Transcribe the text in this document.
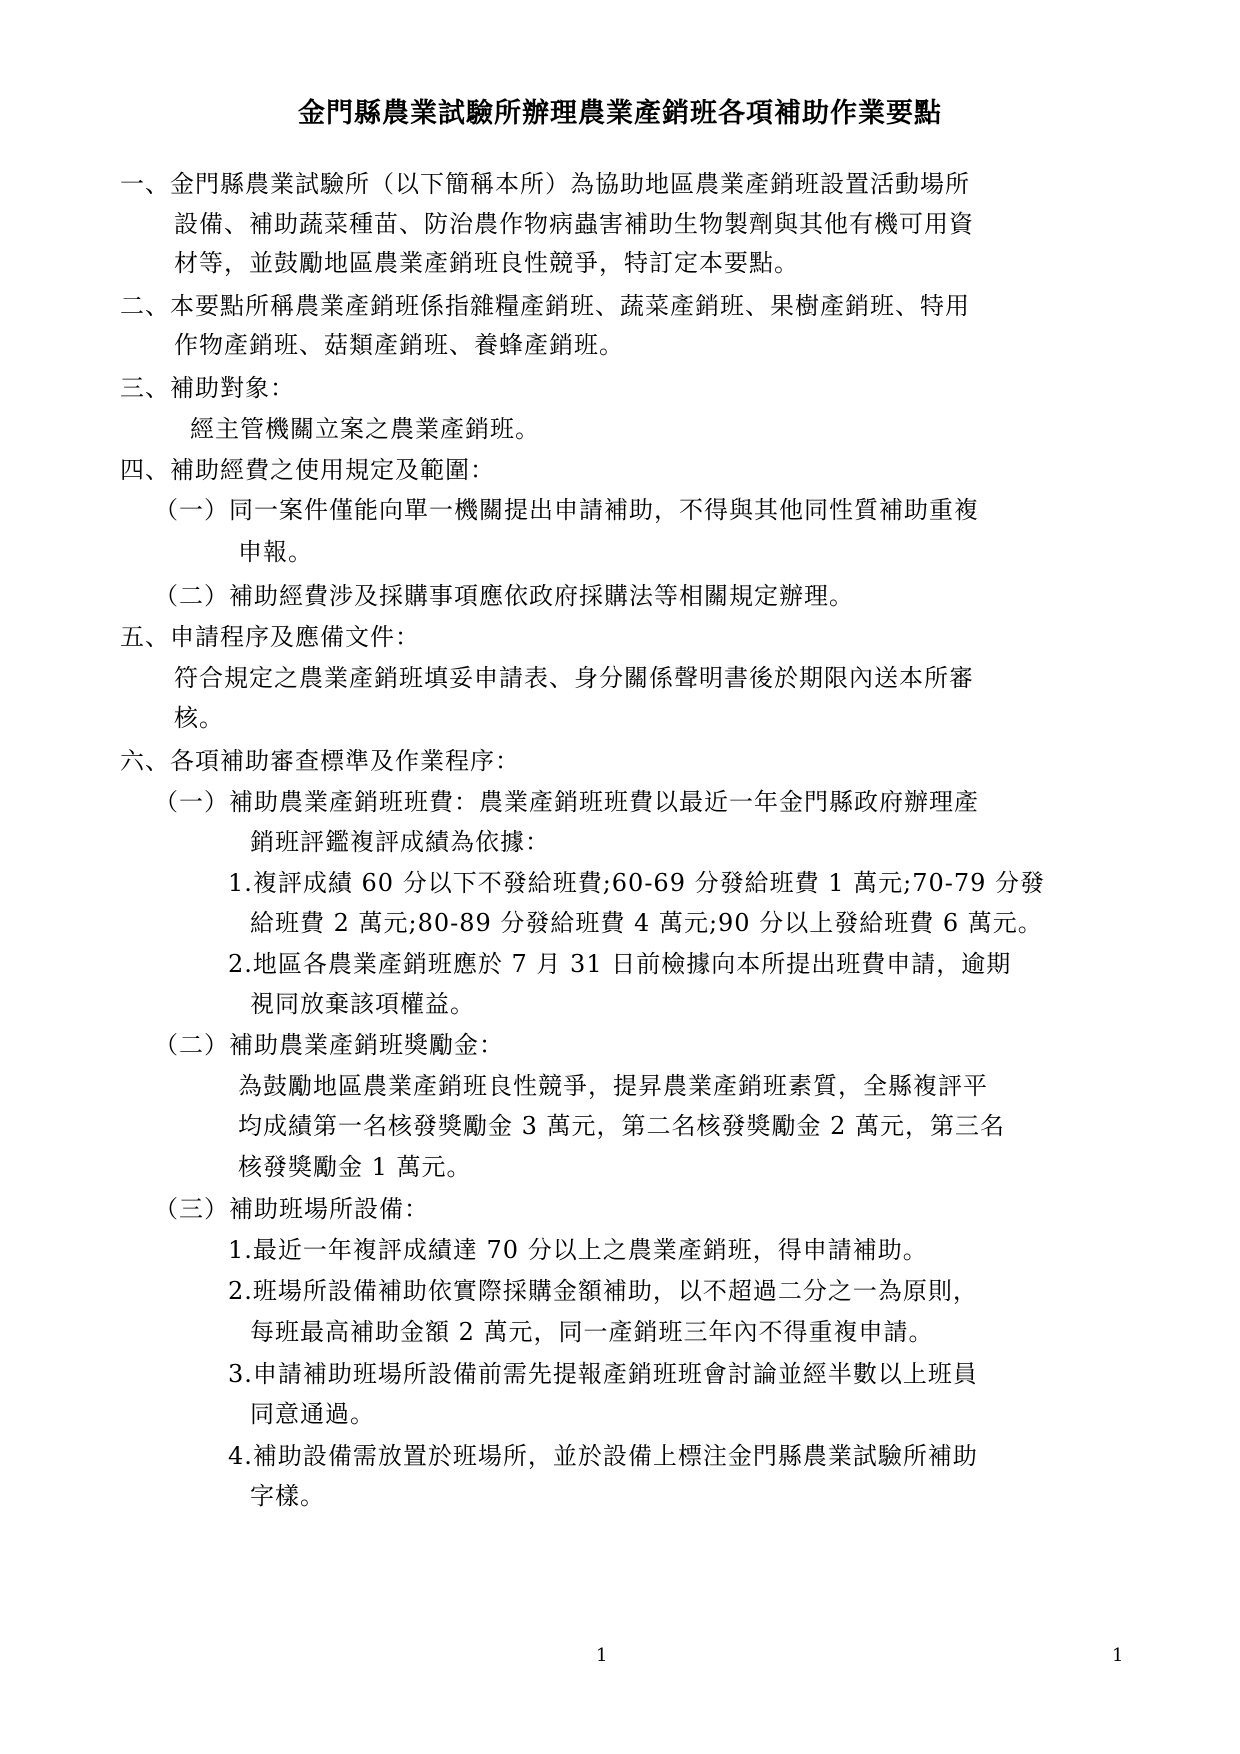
金門縣農業試驗所辦理農業產銷班各項補助作業要點
一、金門縣農業試驗所（以下簡稱本所）為協助地區農業產銷班設置活動場所
設備、補助蔬菜種苗、防治農作物病蟲害補助生物製劑與其他有機可用資
材等，並鼓勵地區農業產銷班良性競爭，特訂定本要點。
二、本要點所稱農業產銷班係指雜糧產銷班、蔬菜產銷班、果樹產銷班、特用
作物產銷班、菇類產銷班、養蜂產銷班。
三、補助對象：
經主管機關立案之農業產銷班。
四、補助經費之使用規定及範圍：
（一）同一案件僅能向單一機關提出申請補助，不得與其他同性質補助重複
申報。
（二）補助經費涉及採購事項應依政府採購法等相關規定辦理。
五、申請程序及應備文件：
符合規定之農業產銷班填妥申請表、身分關係聲明書後於期限內送本所審
核。
六、各項補助審查標準及作業程序：
（一）補助農業產銷班班費：農業產銷班班費以最近一年金門縣政府辦理產
銷班評鑑複評成績為依據：
1.複評成績 60 分以下不發給班費;60-69 分發給班費 1 萬元;70-79 分發
給班費 2 萬元;80-89 分發給班費 4 萬元;90 分以上發給班費 6 萬元。
2.地區各農業產銷班應於 7 月 31 日前檢據向本所提出班費申請，逾期
視同放棄該項權益。
（二）補助農業產銷班獎勵金：
為鼓勵地區農業產銷班良性競爭，提昇農業產銷班素質，全縣複評平
均成績第一名核發獎勵金 3 萬元，第二名核發獎勵金 2 萬元，第三名
核發獎勵金 1 萬元。
（三）補助班場所設備：
1.最近一年複評成績達 70 分以上之農業產銷班，得申請補助。
2.班場所設備補助依實際採購金額補助，以不超過二分之一為原則，
每班最高補助金額 2 萬元，同一產銷班三年內不得重複申請。
3.申請補助班場所設備前需先提報產銷班班會討論並經半數以上班員
同意通過。
4.補助設備需放置於班場所，並於設備上標注金門縣農業試驗所補助
字樣。
1	1
